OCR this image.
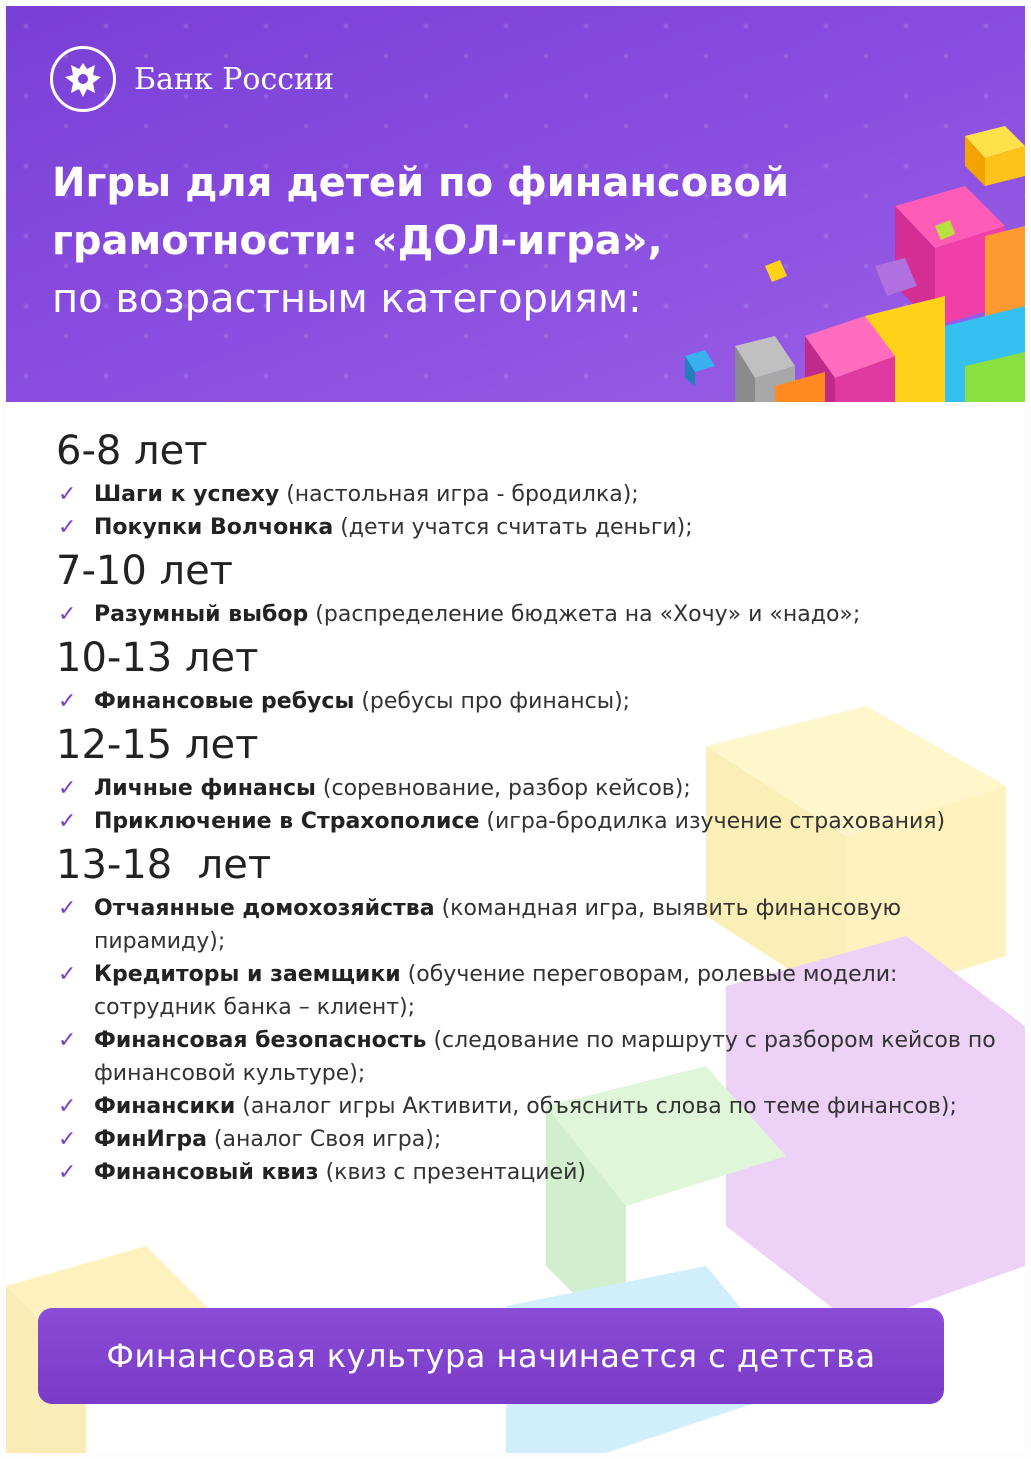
Банк России
Игры для детей по финансовой
грамотности: «ДОЛ-игра»,
по возрастным категориям:
6-8 лет
✓ Шаги к успеху (настольная игра - бродилка);
✓ Покупки Волчонка (дети учатся считать деньги);
7-10 лет
✓ Разумный выбор (распределение бюджета на «Хочу» и «надо»;
10-13 лет
✓ Финансовые ребусы (ребусы про финансы);
12-15 лет
✓ Личные финансы (соревнование, разбор кейсов);
✓ Приключение в Страхополисе (игра-бродилка изучение страхования)
13-18  лет
✓ Отчаянные домохозяйства (командная игра, выявить финансовую пирамиду);
✓ Кредиторы и заемщики (обучение переговорам, ролевые модели: сотрудник банка – клиент);
✓ Финансовая безопасность (следование по маршруту с разбором кейсов по финансовой культуре);
✓ Финансики (аналог игры Активити, объяснить слова по теме финансов);
✓ ФинИгра (аналог Своя игра);
✓ Финансовый квиз (квиз с презентацией)
Финансовая культура начинается с детства
